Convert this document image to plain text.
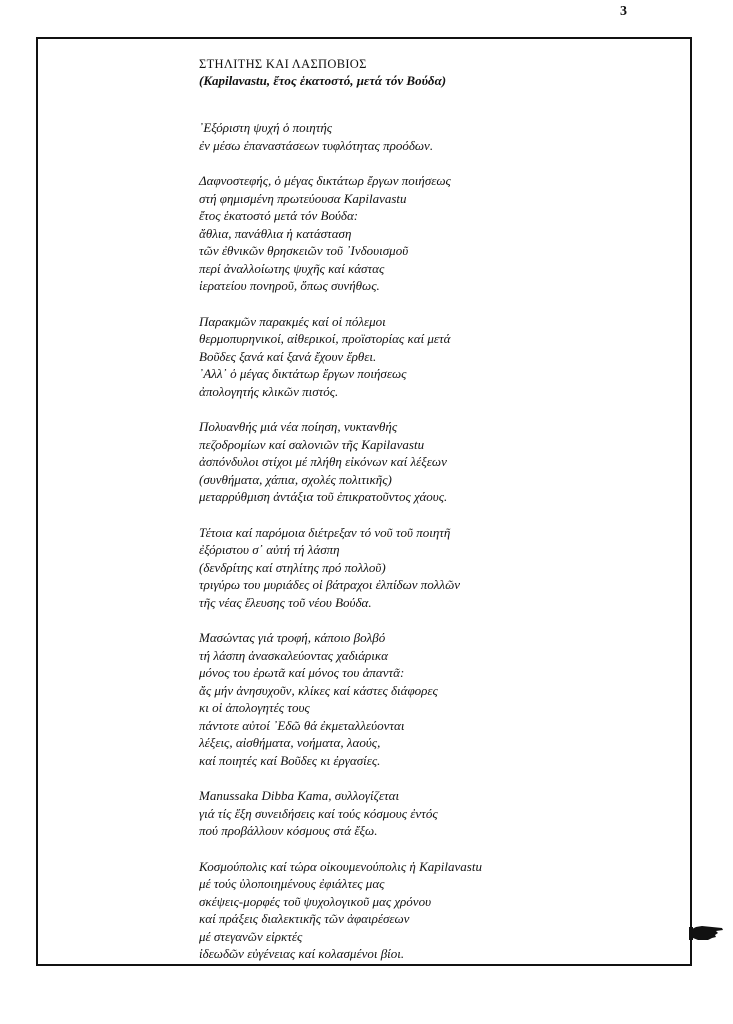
3
ΣΤΗΛΙΤΗΣ ΚΑΙ ΛΑΣΠΟΒΙΟΣ
(Kapilavastu, ἔτος ἑκατοστό, μετά τόν Βούδα)
᾿Εξόριστη ψυχή ὁ ποιητής
ἐν μέσω ἐπαναστάσεων τυφλότητας προόδων.
Δαφνοστεφής, ὁ μέγας δικτάτωρ ἔργων ποιήσεως
στή φημισμένη πρωτεύουσα Kapilavastu
ἔτος ἑκατοστό μετά τόν Βούδα:
ἄθλια, πανάθλια ἡ κατάσταση
τῶν ἐθνικῶν θρησκειῶν τοῦ ᾿Ινδουισμοῦ
περί ἀναλλοίωτης ψυχῆς καί κάστας
ἱερατείου πονηροῦ, ὅπως συνήθως.
Παρακμῶν παρακμές καί οἱ πόλεμοι
θερμοπυρηνικοί, αἰθερικοί, προϊστορίας καί μετά
Βοῦδες ξανά καί ξανά ἔχουν ἔρθει.
᾿Αλλ᾿ ὁ μέγας δικτάτωρ ἔργων ποιήσεως
ἀπολογητής κλικῶν πιστός.
Πολυανθής μιά νέα ποίηση, νυκτανθής
πεζοδρομίων καί σαλονιῶν τῆς Kapilavastu
ἀσπόνδυλοι στίχοι μέ πλήθη εἰκόνων καί λέξεων
(συνθήματα, χάπια, σχολές πολιτικῆς)
μεταρρύθμιση ἀντάξια τοῦ ἐπικρατοῦντος χάους.
Τέτοια καί παρόμοια διέτρεξαν τό νοῦ τοῦ ποιητῆ
ἐξόριστου σ᾿ αὐτή τή λάσπη
(δενδρίτης καί στηλίτης πρό πολλοῦ)
τριγύρω του μυριάδες οἱ βάτραχοι ἐλπίδων πολλῶν
τῆς νέας ἔλευσης τοῦ νέου Βούδα.
Μασώντας γιά τροφή, κάποιο βολβό
τή λάσπη ἀνασκαλεύοντας χαδιάρικα
μόνος του ἐρωτᾶ καί μόνος του ἀπαντᾶ:
ἄς μήν ἀνησυχοῦν, κλίκες καί κάστες διάφορες
κι οἱ ἀπολογητές τους
πάντοτε αὐτοί ᾿Εδῶ θά ἐκμεταλλεύονται
λέξεις, αἰσθήματα, νοήματα, λαούς,
καί ποιητές καί Βοῦδες κι ἐργασίες.
Manussaka Dibba Kama, συλλογίζεται
γιά τίς ἕξη συνειδήσεις καί τούς κόσμους ἐντός
πού προβάλλουν κόσμους στά ἔξω.
Κοσμούπολις καί τώρα οἰκουμενούπολις ἡ Kapilavastu
μέ τούς ὑλοποιημένους ἐφιάλτες μας
σκέψεις-μορφές τοῦ ψυχολογικοῦ μας χρόνου
καί πράξεις διαλεκτικῆς τῶν ἀφαιρέσεων
μέ στεγανῶν εἱρκτές
ἰδεωδῶν εὐγένειας καί κολασμένοι βίοι.
